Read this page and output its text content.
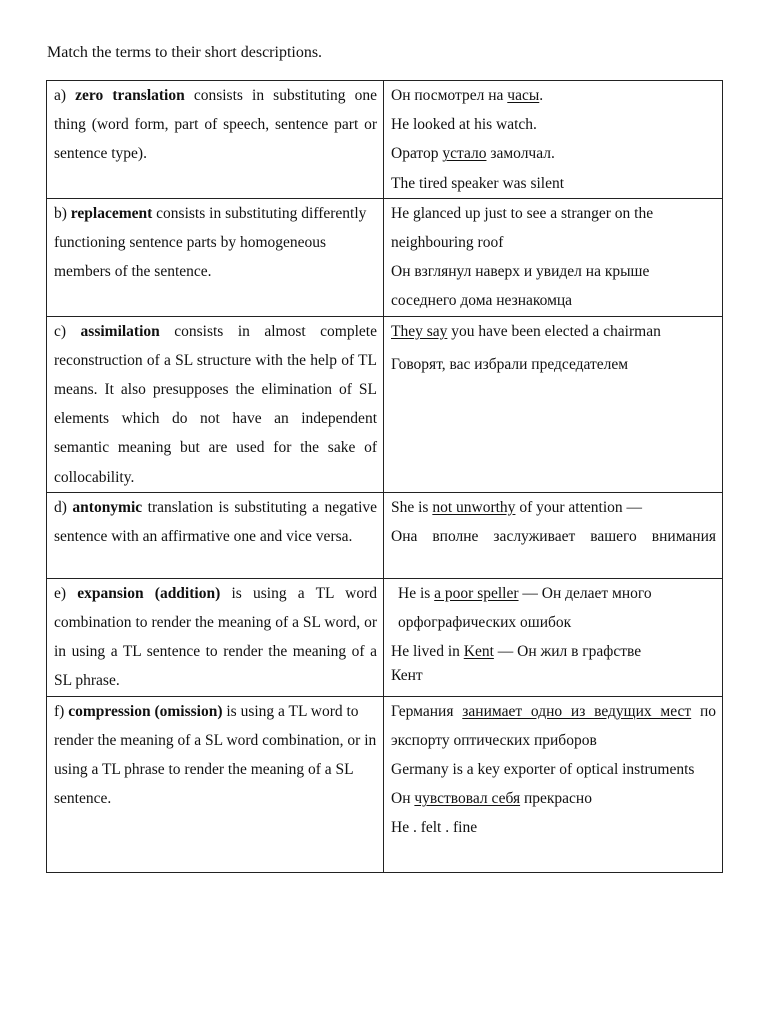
Match the terms to their short descriptions.

a) zero translation consists in substituting one thing (word form, part of speech, sentence part or sentence type).	Он посмотрел на часы.

He looked at his watch.

Оратор устало замолчал.

The tired speaker was silent

b) replacement consists in substituting differently functioning sentence parts by homogeneous members of the sentence.	He glanced up just to see a stranger on the neighbouring roof

Он взглянул наверх и увидел на крыше соседнего дома незнакомца

c) assimilation consists in almost complete reconstruction of a SL structure with the help of TL means. It also presupposes the elimination of SL elements which do not have an independent semantic meaning but are used for the sake of collocability.	They say you have been elected a chairman

Говорят, вас избрали председателем

d) antonymic translation is substituting a negative sentence with an affirmative one and vice versa.	She is not unworthy of your attention —

Она вполне заслуживает вашего внимания

e) expansion (addition) is using a TL word combination to render the meaning of a SL word, or in using a TL sentence to render the meaning of a SL phrase.	He is a poor speller — Он делает много орфографических ошибок

He lived in Kent — Он жил в графстве

Кент

f) compression (omission) is using a TL word to render the meaning of a SL word combination, or in using a TL phrase to render the meaning of a SL sentence.	Германия занимает одно из ведущих мест по экспорту оптических приборов

Germany is a key exporter of optical instruments

Он чувствовал себя прекрасно

He . felt . fine
